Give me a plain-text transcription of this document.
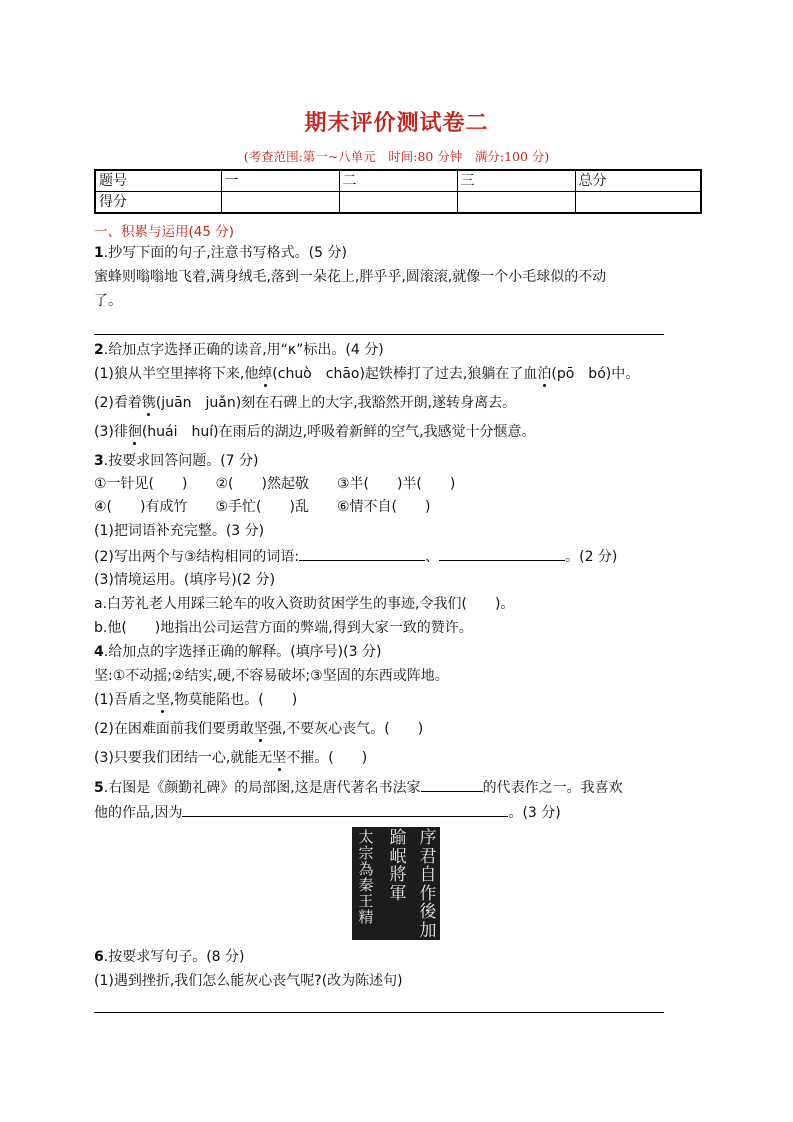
期末评价测试卷二
(考查范围:第一~八单元　时间:80 分钟　满分:100 分)
题号	一	二	三	总分
得分				
一、积累与运用(45 分)
1.抄写下面的句子,注意书写格式。(5 分)
蜜蜂则嗡嗡地飞着,满身绒毛,落到一朵花上,胖乎乎,圆滚滚,就像一个小毛球似的不动
了。
2.给加点字选择正确的读音,用“κ”标出。(4 分)
(1)狼从半空里摔将下来,他绰(chuò　chāo)起铁棒打了过去,狼躺在了血泊(pō　bó)中。
(2)看着镌(juān　juǎn)刻在石碑上的大字,我豁然开朗,遂转身离去。
(3)徘徊(huái　huí)在雨后的湖边,呼吸着新鲜的空气,我感觉十分惬意。
3.按要求回答问题。(7 分)
①一针见(　　)　　②(　　)然起敬　　③半(　　)半(　　)
④(　　)有成竹　　⑤手忙(　　)乱　　⑥情不自(　　)
(1)把词语补充完整。(3 分)
(2)写出两个与③结构相同的词语:	、	。(2 分)
(3)情境运用。(填序号)(2 分)
a.白芳礼老人用踩三轮车的收入资助贫困学生的事迹,令我们(　　)。
b.他(　　)地指出公司运营方面的弊端,得到大家一致的赞许。
4.给加点的字选择正确的解释。(填序号)(3 分)
坚:①不动摇;②结实,硬,不容易破坏;③坚固的东西或阵地。
(1)吾盾之坚,物莫能陷也。(　　)
(2)在困难面前我们要勇敢坚强,不要灰心丧气。(　　)
(3)只要我们团结一心,就能无坚不摧。(　　)
5.右图是《颜勤礼碑》的局部图,这是唐代著名书法家	的代表作之一。我喜欢
他的作品,因为	。(3 分)
序
君
自
作
後
加
踰
岷
將
軍
太
宗
為
秦
王
精
6.按要求写句子。(8 分)
(1)遇到挫折,我们怎么能灰心丧气呢?(改为陈述句)
